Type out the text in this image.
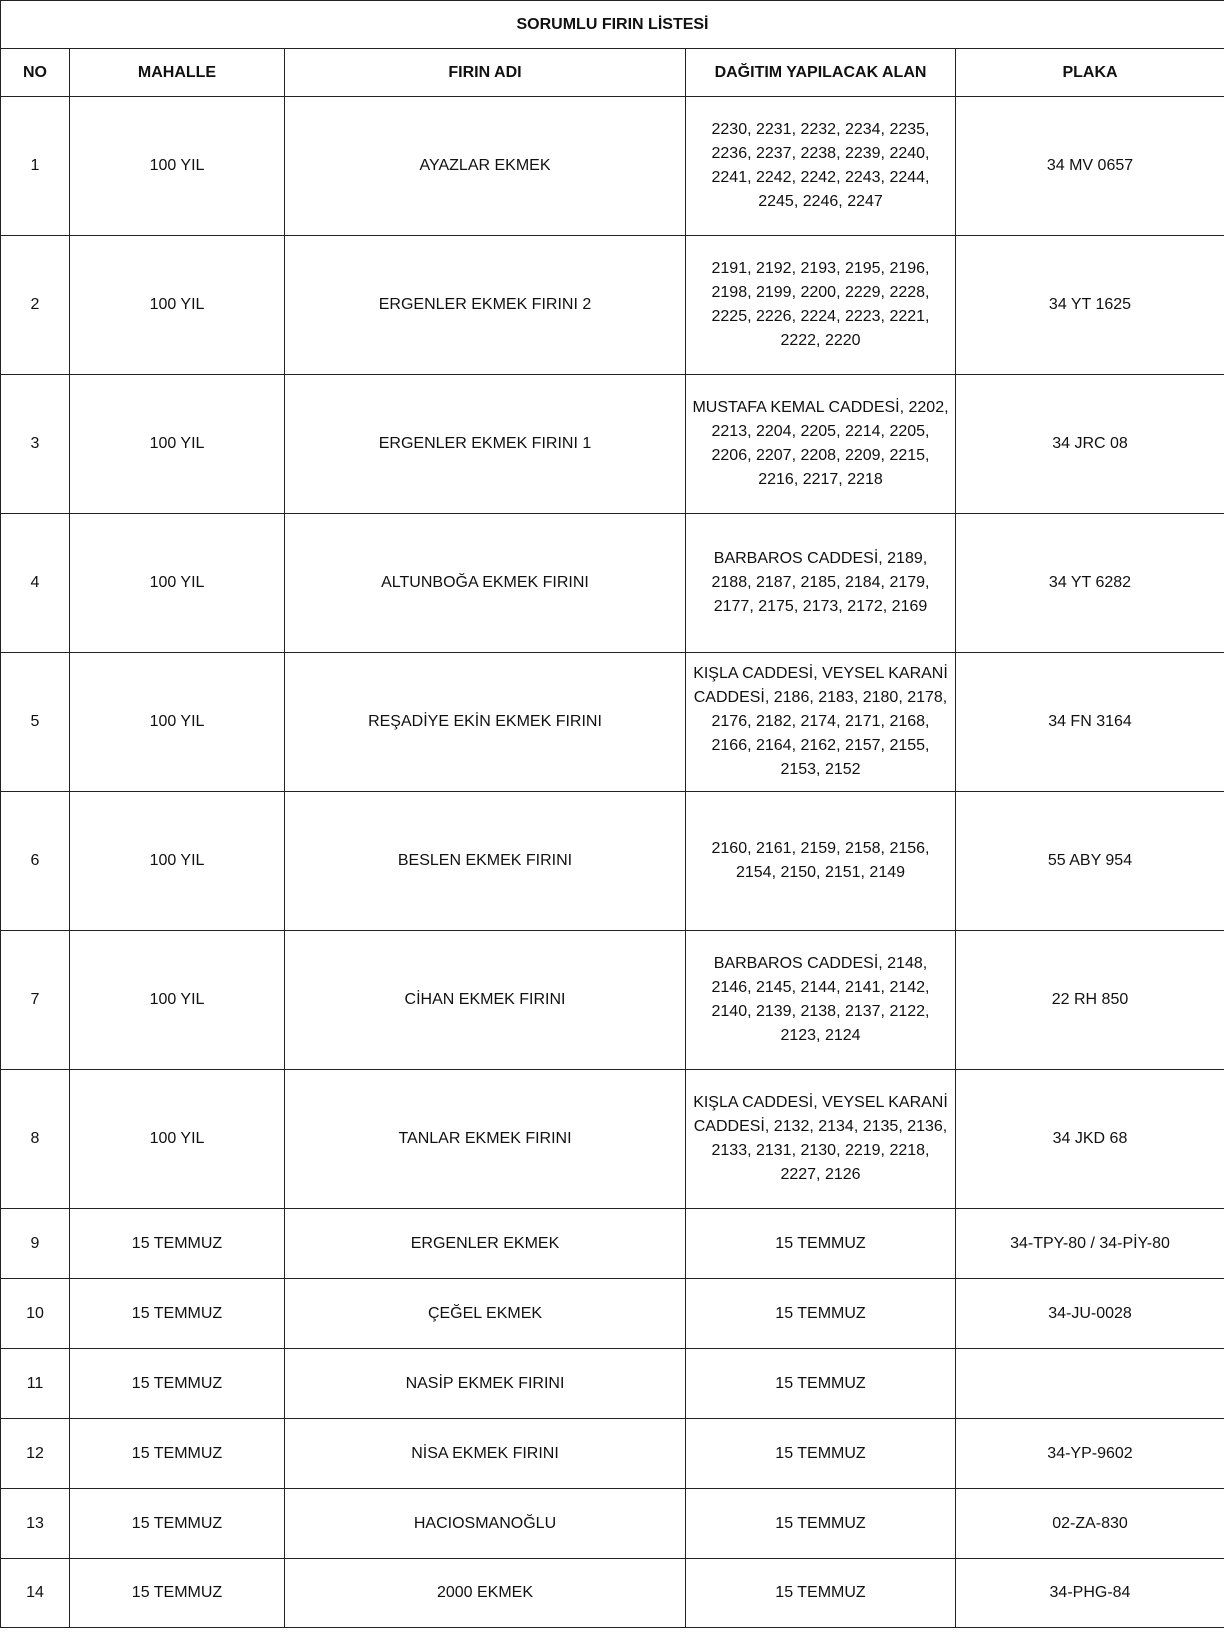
SORUMLU FIRIN LİSTESİ				
NO	MAHALLE	FIRIN ADI	DAĞITIM YAPILACAK ALAN	PLAKA
1	100 YIL	AYAZLAR EKMEK	2230, 2231, 2232, 2234, 2235, 2236, 2237, 2238, 2239, 2240, 2241, 2242, 2242, 2243, 2244, 2245, 2246, 2247	34 MV 0657
2	100 YIL	ERGENLER EKMEK FIRINI 2	2191, 2192, 2193, 2195, 2196, 2198, 2199, 2200, 2229, 2228, 2225, 2226, 2224, 2223, 2221, 2222, 2220	34 YT 1625
3	100 YIL	ERGENLER EKMEK FIRINI 1	MUSTAFA KEMAL CADDESİ, 2202, 2213, 2204, 2205, 2214, 2205, 2206, 2207, 2208, 2209, 2215, 2216, 2217, 2218	34 JRC 08
4	100 YIL	ALTUNBOĞA EKMEK FIRINI	BARBAROS CADDESİ, 2189, 2188, 2187, 2185, 2184, 2179, 2177, 2175, 2173, 2172, 2169	34 YT 6282
5	100 YIL	REŞADİYE EKİN EKMEK FIRINI	KIŞLA CADDESİ, VEYSEL KARANİ CADDESİ, 2186, 2183, 2180, 2178, 2176, 2182, 2174, 2171, 2168, 2166, 2164, 2162, 2157, 2155, 2153, 2152	34 FN 3164
6	100 YIL	BESLEN EKMEK FIRINI	2160, 2161, 2159, 2158, 2156, 2154, 2150, 2151, 2149	55 ABY 954
7	100 YIL	CİHAN EKMEK FIRINI	BARBAROS CADDESİ, 2148, 2146, 2145, 2144, 2141, 2142, 2140, 2139, 2138, 2137, 2122, 2123, 2124	22 RH 850
8	100 YIL	TANLAR EKMEK FIRINI	KIŞLA CADDESİ, VEYSEL KARANİ CADDESİ, 2132, 2134, 2135, 2136, 2133, 2131, 2130, 2219, 2218, 2227, 2126	34 JKD 68
9	15 TEMMUZ	ERGENLER EKMEK	15 TEMMUZ	34-TPY-80 / 34-PİY-80
10	15 TEMMUZ	ÇEĞEL EKMEK	15 TEMMUZ	34-JU-0028
11	15 TEMMUZ	NASİP EKMEK FIRINI	15 TEMMUZ	
12	15 TEMMUZ	NİSA EKMEK FIRINI	15 TEMMUZ	34-YP-9602
13	15 TEMMUZ	HACIOSMANOĞLU	15 TEMMUZ	02-ZA-830
14	15 TEMMUZ	2000 EKMEK	15 TEMMUZ	34-PHG-84
